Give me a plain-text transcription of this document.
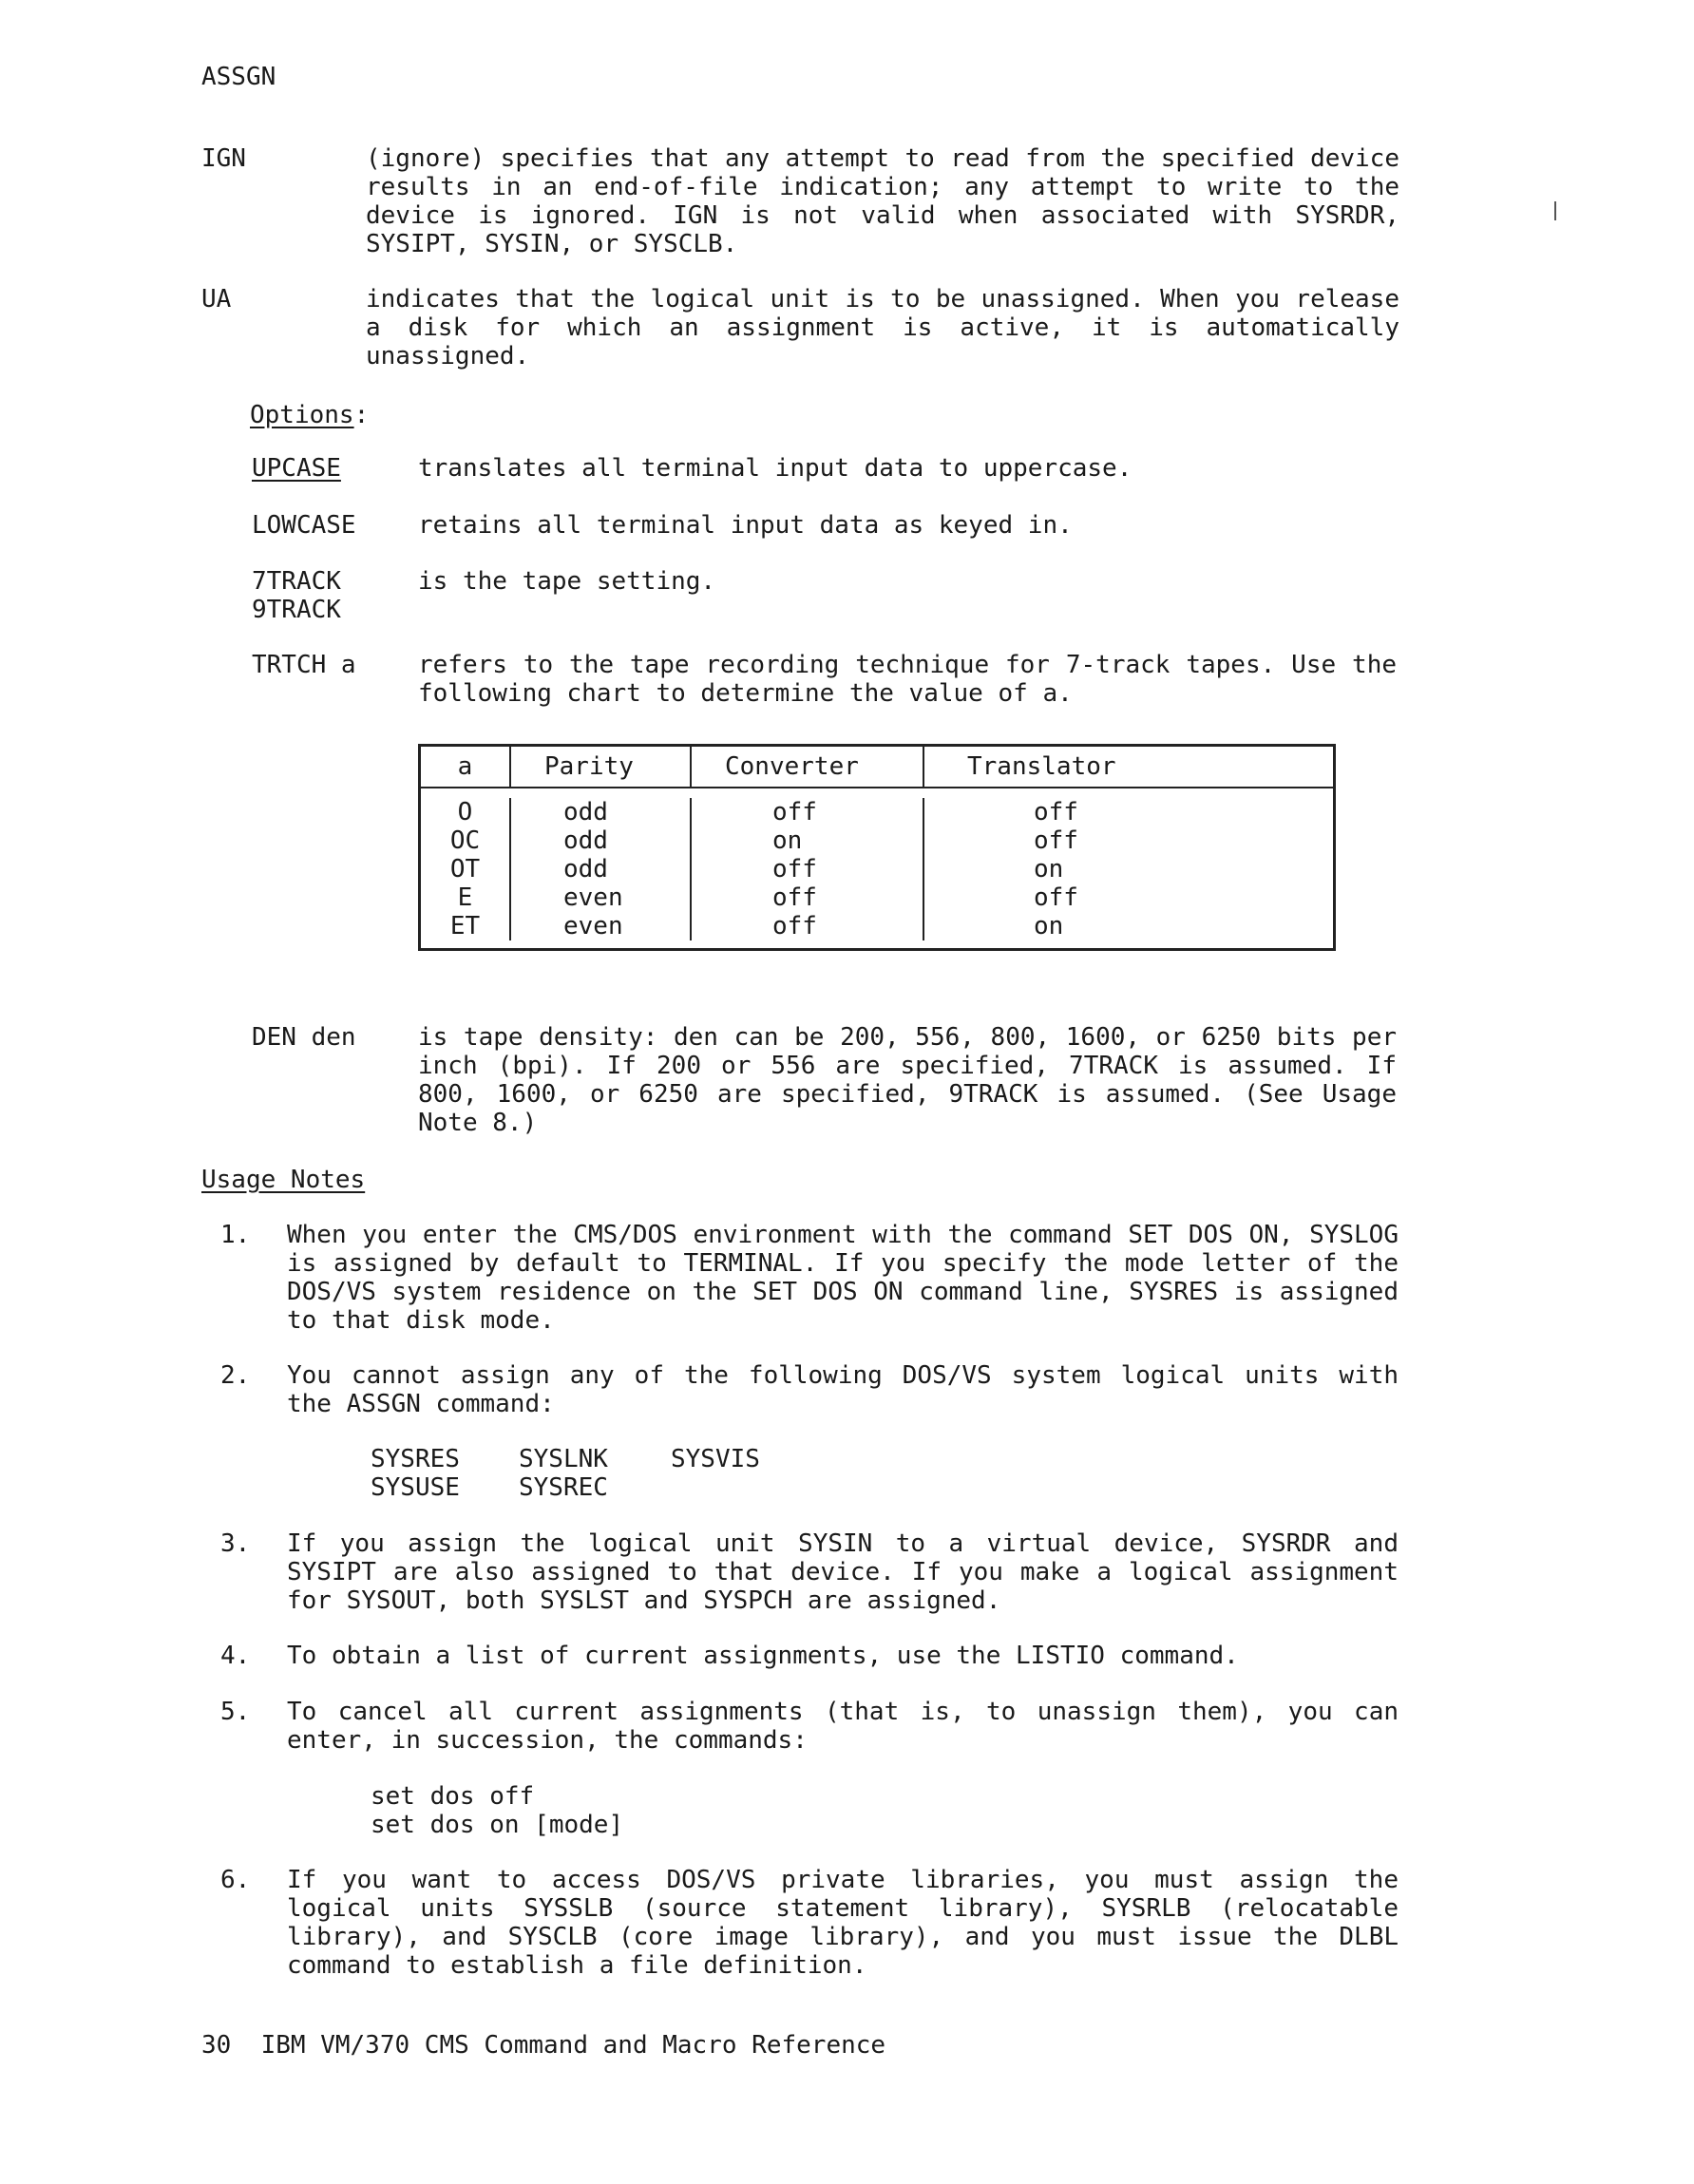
ASSGN
IGN	(ignore) specifies that any attempt to read from the specified device results in an end-of-file indication; any attempt to write to the device is ignored. IGN is not valid when associated with SYSRDR, SYSIPT, SYSIN, or SYSCLB.
UA	indicates that the logical unit is to be unassigned. When you release a disk for which an assignment is active, it is automatically unassigned.
Options:
UPCASE	translates all terminal input data to uppercase.
LOWCASE	retains all terminal input data as keyed in.
7TRACK
9TRACK
is the tape setting.
TRTCH a	refers to the tape recording technique for 7-track tapes. Use the following chart to determine the value of a.
a	Parity	Converter	Translator
O	odd	off	off
OC	odd	on	off
OT	odd	off	on
E	even	off	off
ET	even	off	on
DEN den	is tape density: den can be 200, 556, 800, 1600, or 6250 bits per inch (bpi). If 200 or 556 are specified, 7TRACK is assumed. If 800, 1600, or 6250 are specified, 9TRACK is assumed. (See Usage Note 8.)
Usage Notes
1. When you enter the CMS/DOS environment with the command SET DOS ON, SYSLOG is assigned by default to TERMINAL. If you specify the mode letter of the DOS/VS system residence on the SET DOS ON command line, SYSRES is assigned to that disk mode.
2. You cannot assign any of the following DOS/VS system logical units with the ASSGN command:
SYSRES SYSLNK	SYSVIS
SYSUSE SYSREC
3. If you assign the logical unit SYSIN to a virtual device, SYSRDR and SYSIPT are also assigned to that device. If you make a logical assignment for SYSOUT, both SYSLST and SYSPCH are assigned.
4. To obtain a list of current assignments, use the LISTIO command.
5. To cancel all current assignments (that is, to unassign them), you can enter, in succession, the commands:
set dos off
set dos on [mode]
6. If you want to access DOS/VS private libraries, you must assign the logical units SYSSLB (source statement library), SYSRLB (relocatable library), and SYSCLB (core image library), and you must issue the DLBL command to establish a file definition.
30  IBM VM/370 CMS Command and Macro Reference
